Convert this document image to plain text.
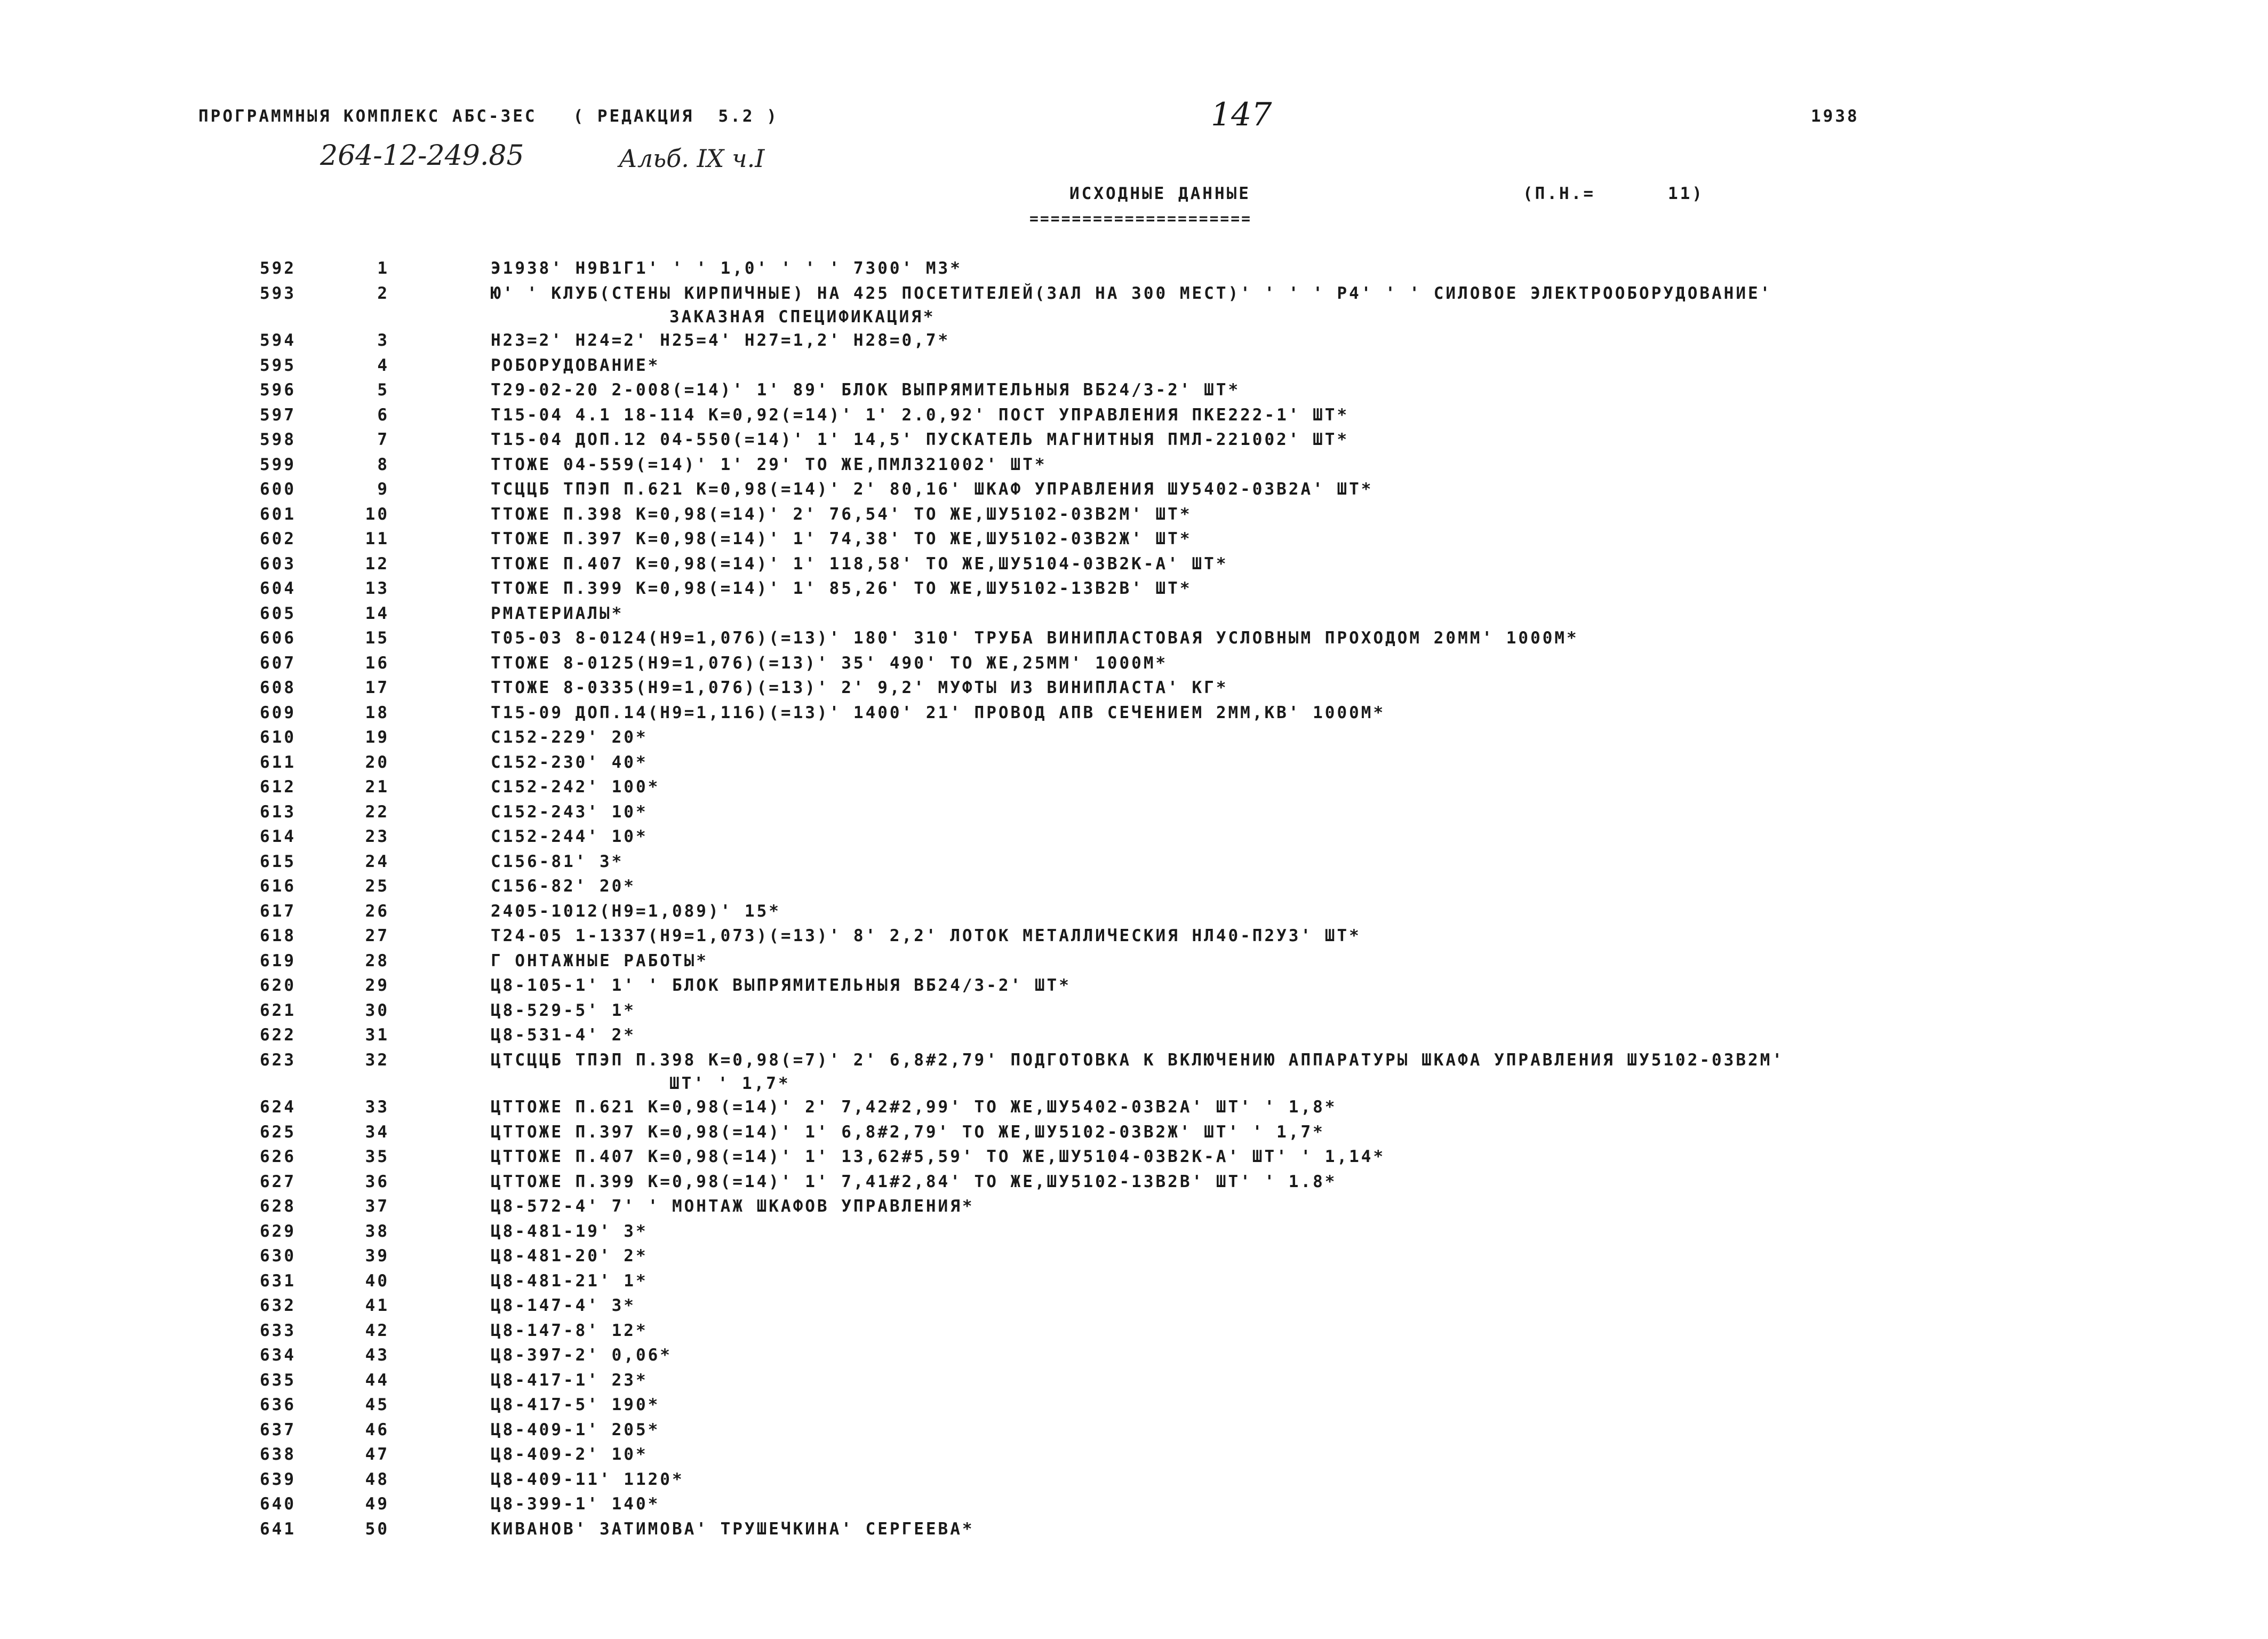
ПРОГРАММНЫЯ КОМПЛЕКС АБС-3ЕС   ( РЕДАКЦИЯ  5.2 )	147	1938
264-12-249.85	Альб. IX ч.I
ИСХОДНЫЕ ДАННЫЕ
=====================
(П.Н.=      11)
592	1	Э1938' Н9В1Г1' ' ' 1,0' ' ' ' 7300' М3*
593	2	Ю' ' КЛУБ(СТЕНЫ КИРПИЧНЫЕ) НА 425 ПОСЕТИТЕЛЕЙ(ЗАЛ НА 300 МЕСТ)' ' ' ' Р4' ' ' СИЛОВОЕ ЭЛЕКТРООБОРУДОВАНИЕ'
ЗАКАЗНАЯ СПЕЦИФИКАЦИЯ*
594	3	Н23=2' Н24=2' Н25=4' Н27=1,2' Н28=0,7*
595	4	РОБОРУДОВАНИЕ*
596	5	Т29-02-20 2-008(=14)' 1' 89' БЛОК ВЫПРЯМИТЕЛЬНЫЯ ВБ24/3-2' ШТ*
597	6	Т15-04 4.1 18-114 К=0,92(=14)' 1' 2.0,92' ПОСТ УПРАВЛЕНИЯ ПКЕ222-1' ШТ*
598	7	Т15-04 ДОП.12 04-550(=14)' 1' 14,5' ПУСКАТЕЛЬ МАГНИТНЫЯ ПМЛ-221002' ШТ*
599	8	ТТОЖЕ 04-559(=14)' 1' 29' ТО ЖЕ,ПМЛ321002' ШТ*
600	9	ТСЦЦБ ТПЭП П.621 К=0,98(=14)' 2' 80,16' ШКАФ УПРАВЛЕНИЯ ШУ5402-03В2А' ШТ*
601	10	ТТОЖЕ П.398 К=0,98(=14)' 2' 76,54' ТО ЖЕ,ШУ5102-03В2М' ШТ*
602	11	ТТОЖЕ П.397 К=0,98(=14)' 1' 74,38' ТО ЖЕ,ШУ5102-03В2Ж' ШТ*
603	12	ТТОЖЕ П.407 К=0,98(=14)' 1' 118,58' ТО ЖЕ,ШУ5104-03В2К-А' ШТ*
604	13	ТТОЖЕ П.399 К=0,98(=14)' 1' 85,26' ТО ЖЕ,ШУ5102-13В2В' ШТ*
605	14	РМАТЕРИАЛЫ*
606	15	Т05-03 8-0124(Н9=1,076)(=13)' 180' 310' ТРУБА ВИНИПЛАСТОВАЯ УСЛОВНЫМ ПРОХОДОМ 20ММ' 1000М*
607	16	ТТОЖЕ 8-0125(Н9=1,076)(=13)' 35' 490' ТО ЖЕ,25ММ' 1000М*
608	17	ТТОЖЕ 8-0335(Н9=1,076)(=13)' 2' 9,2' МУФТЫ ИЗ ВИНИПЛАСТА' КГ*
609	18	Т15-09 ДОП.14(Н9=1,116)(=13)' 1400' 21' ПРОВОД АПВ СЕЧЕНИЕМ 2ММ,КВ' 1000М*
610	19	С152-229' 20*
611	20	С152-230' 40*
612	21	С152-242' 100*
613	22	С152-243' 10*
614	23	С152-244' 10*
615	24	С156-81' 3*
616	25	С156-82' 20*
617	26	2405-1012(Н9=1,089)' 15*
618	27	Т24-05 1-1337(Н9=1,073)(=13)' 8' 2,2' ЛОТОК МЕТАЛЛИЧЕСКИЯ НЛ40-П2У3' ШТ*
619	28	Г ОНТАЖНЫЕ РАБОТЫ*
620	29	Ц8-105-1' 1' ' БЛОК ВЫПРЯМИТЕЛЬНЫЯ ВБ24/3-2' ШТ*
621	30	Ц8-529-5' 1*
622	31	Ц8-531-4' 2*
623	32	ЦТСЦЦБ ТПЭП П.398 К=0,98(=7)' 2' 6,8#2,79' ПОДГОТОВКА К ВКЛЮЧЕНИЮ АППАРАТУРЫ ШКАФА УПРАВЛЕНИЯ ШУ5102-03В2М'
ШТ' ' 1,7*
624	33	ЦТТОЖЕ П.621 К=0,98(=14)' 2' 7,42#2,99' ТО ЖЕ,ШУ5402-03В2А' ШТ' ' 1,8*
625	34	ЦТТОЖЕ П.397 К=0,98(=14)' 1' 6,8#2,79' ТО ЖЕ,ШУ5102-03В2Ж' ШТ' ' 1,7*
626	35	ЦТТОЖЕ П.407 К=0,98(=14)' 1' 13,62#5,59' ТО ЖЕ,ШУ5104-03В2К-А' ШТ' ' 1,14*
627	36	ЦТТОЖЕ П.399 К=0,98(=14)' 1' 7,41#2,84' ТО ЖЕ,ШУ5102-13В2В' ШТ' ' 1.8*
628	37	Ц8-572-4' 7' ' МОНТАЖ ШКАФОВ УПРАВЛЕНИЯ*
629	38	Ц8-481-19' 3*
630	39	Ц8-481-20' 2*
631	40	Ц8-481-21' 1*
632	41	Ц8-147-4' 3*
633	42	Ц8-147-8' 12*
634	43	Ц8-397-2' 0,06*
635	44	Ц8-417-1' 23*
636	45	Ц8-417-5' 190*
637	46	Ц8-409-1' 205*
638	47	Ц8-409-2' 10*
639	48	Ц8-409-11' 1120*
640	49	Ц8-399-1' 140*
641	50	КИВАНОВ' ЗАТИМОВА' ТРУШЕЧКИНА' СЕРГЕЕВА*
